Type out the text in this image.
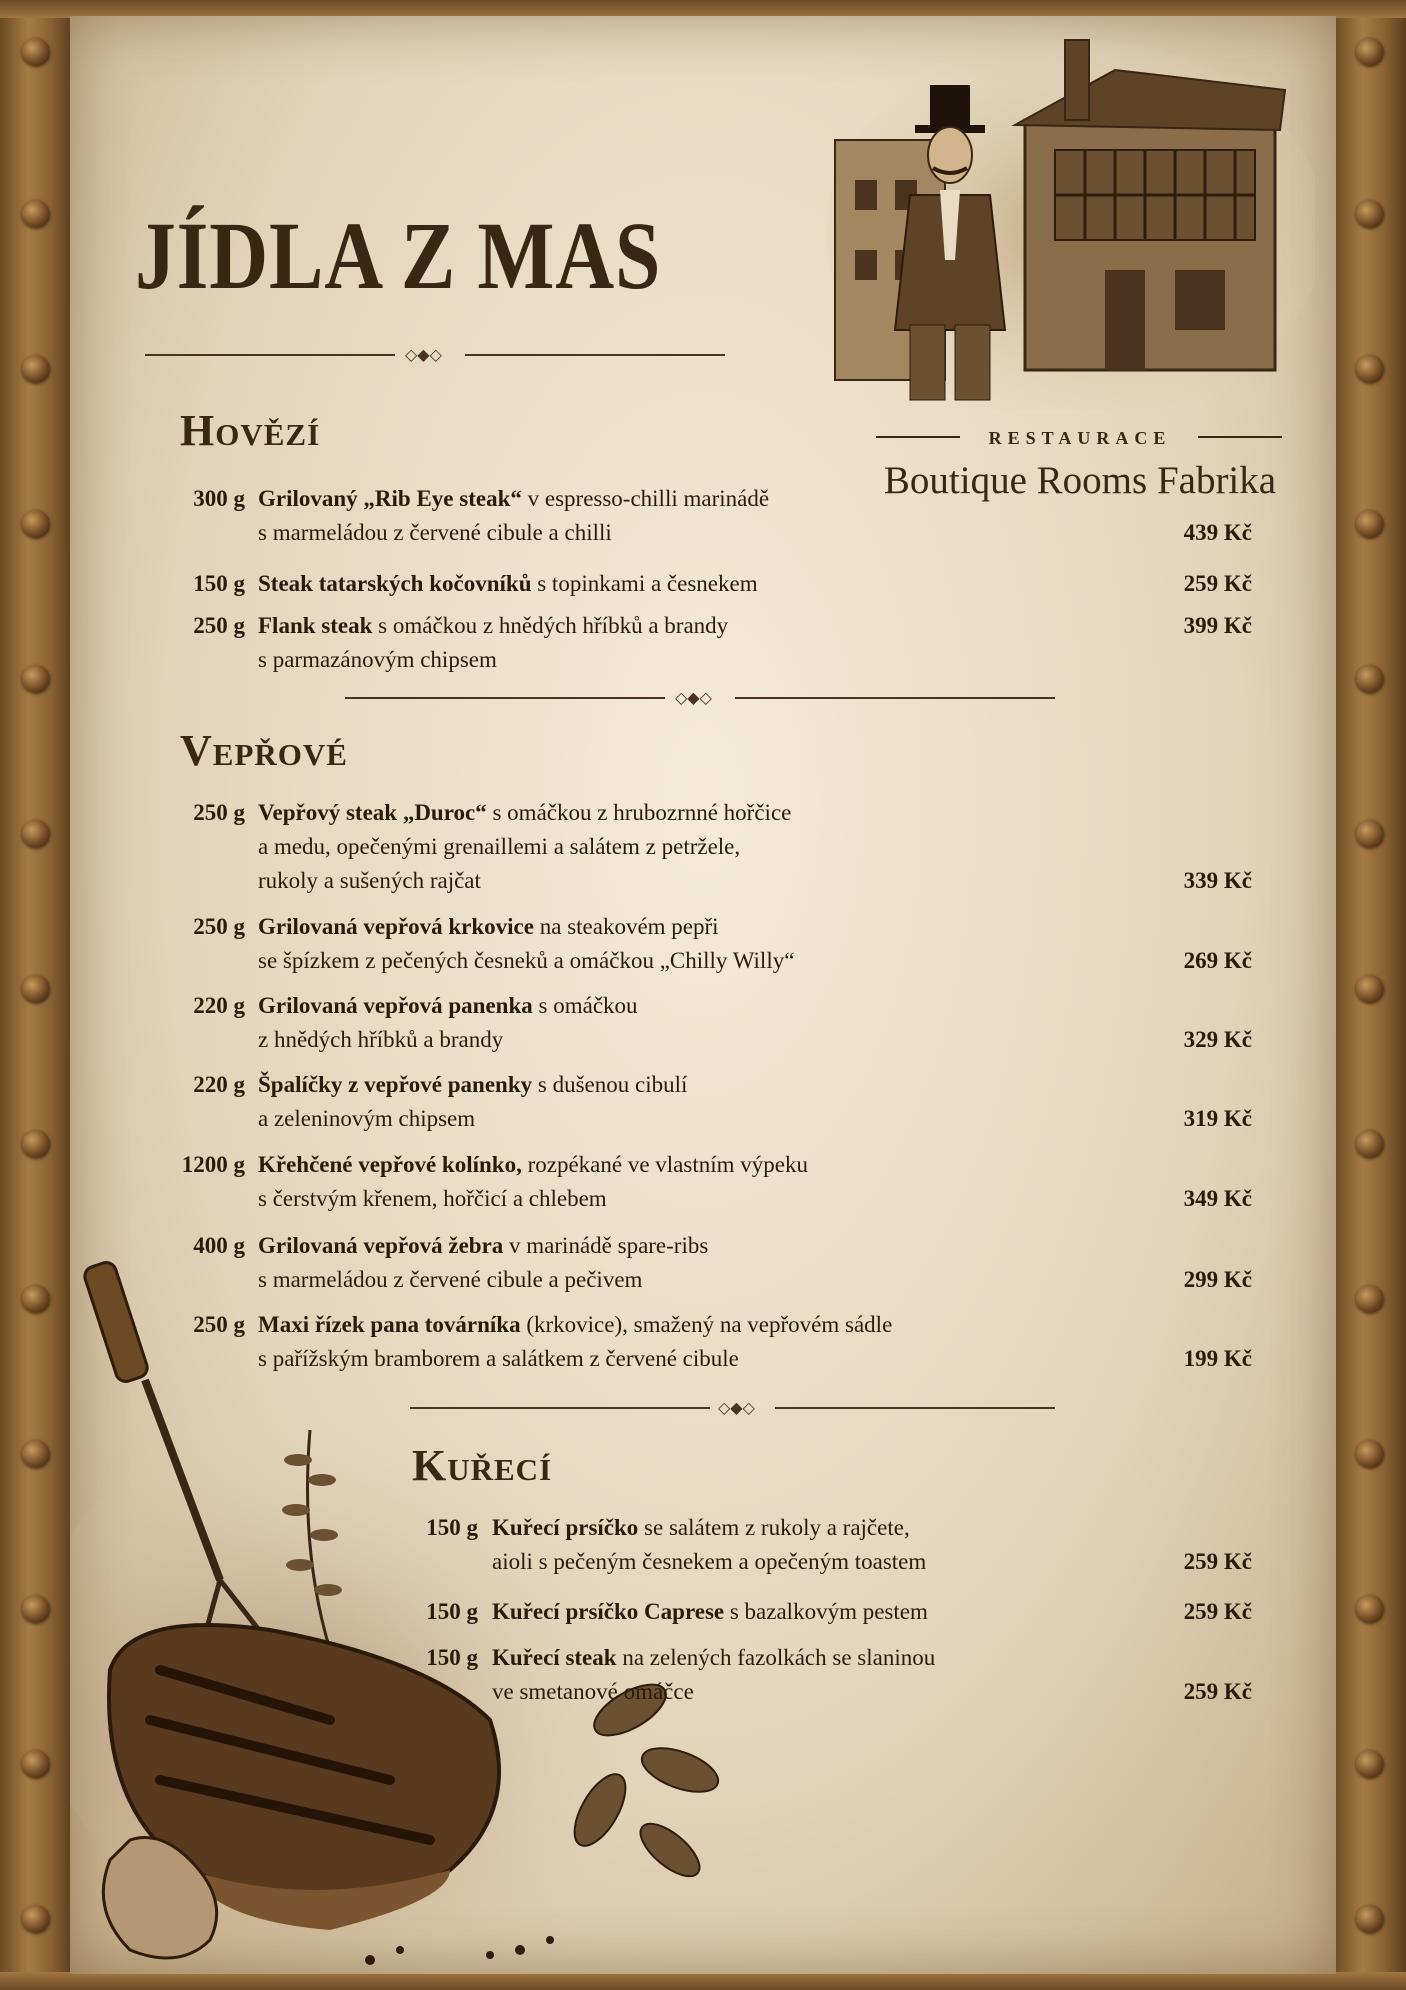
JÍDLA Z MAS
◇◆◇
RESTAURACE
Boutique Rooms Fabrika
Hovězí
Vepřové
Kuřecí
◇◆◇
◇◆◇
300 g Grilovaný „Rib Eye steak“ v espresso-chilli marinádě
s marmeládou z červené cibule a chilli	439 Kč
150 g Steak tatarských kočovníků s topinkami a česnekem	259 Kč
250 g Flank steak s omáčkou z hnědých hříbků a brandy
s parmazánovým chipsem
399 Kč
250 g Vepřový steak „Duroc“ s omáčkou z hrubozrnné hořčice
a medu, opečenými grenaillemi a salátem z petržele,
rukoly a sušených rajčat	339 Kč
250 g Grilovaná vepřová krkovice na steakovém pepři
se špízkem z pečených česneků a omáčkou „Chilly Willy“	269 Kč
220 g Grilovaná vepřová panenka s omáčkou
z hnědých hříbků a brandy	329 Kč
220 g Špalíčky z vepřové panenky s dušenou cibulí
a zeleninovým chipsem	319 Kč
1200 g Křehčené vepřové kolínko, rozpékané ve vlastním výpeku
s čerstvým křenem, hořčicí a chlebem	349 Kč
400 g Grilovaná vepřová žebra v marinádě spare-ribs
s marmeládou z červené cibule a pečivem	299 Kč
250 g Maxi řízek pana továrníka (krkovice), smažený na vepřovém sádle
s pařížským bramborem a salátkem z červené cibule	199 Kč
150 g Kuřecí prsíčko se salátem z rukoly a rajčete,
aioli s pečeným česnekem a opečeným toastem	259 Kč
150 g Kuřecí prsíčko Caprese s bazalkovým pestem	259 Kč
150 g Kuřecí steak na zelených fazolkách se slaninou
ve smetanové omáčce	259 Kč
